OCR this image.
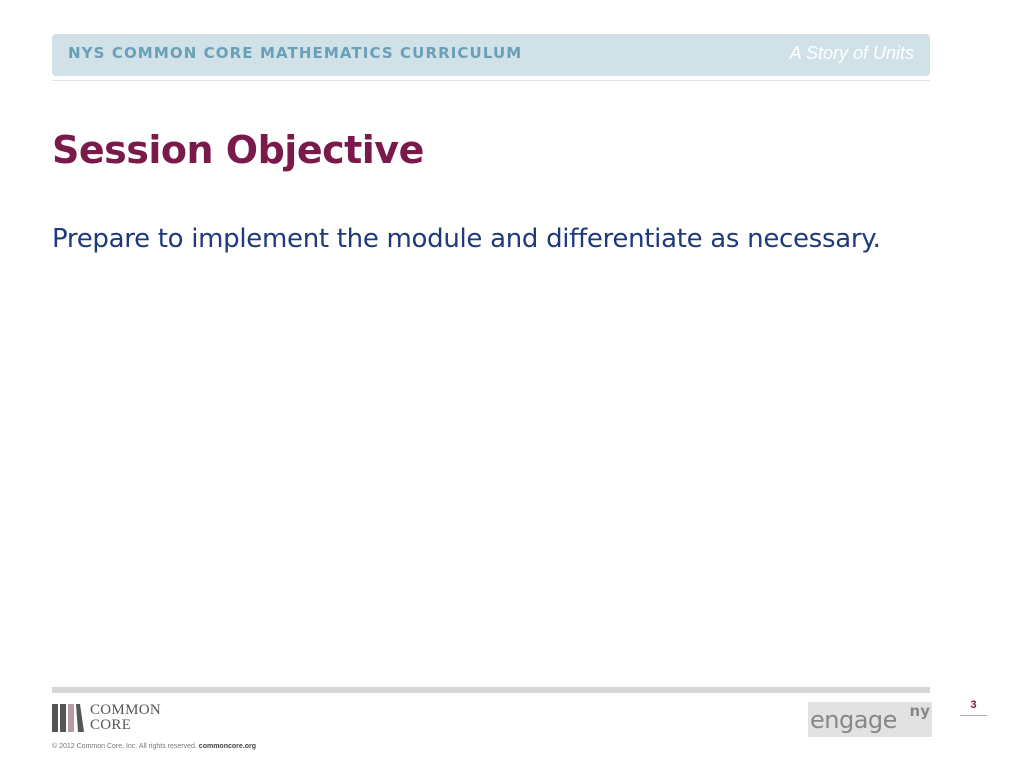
NYS COMMON CORE MATHEMATICS CURRICULUM	A Story of Units
Session Objective
Prepare to implement the module and differentiate as necessary.
COMMON
CORE
© 2012 Common Core, Inc. All rights reserved. commoncore.org
engage ny	3
